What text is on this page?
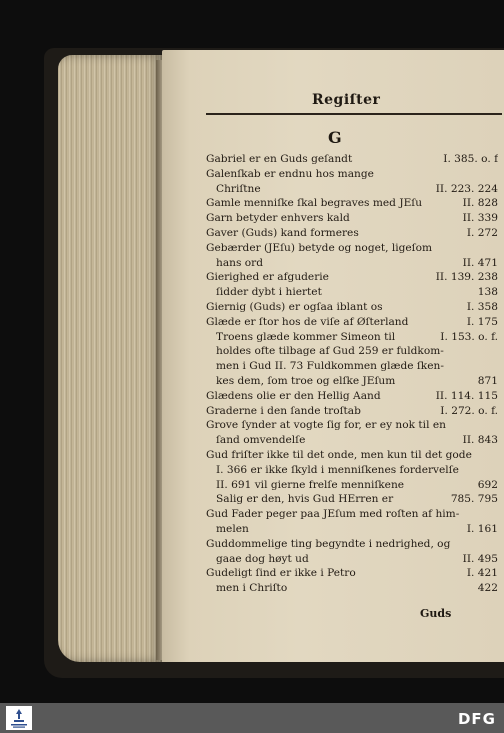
Regiſter
G
Gabriel er en Guds geſandt	I. 385. o. f
Galenſkab er endnu hos mange
Chriſtne	II. 223. 224
Gamle menniſke ſkal begraves med JEſu	II. 828
Garn betyder enhvers kald	II. 339
Gaver (Guds) kand formeres	I. 272
Gebærder (JEſu) betyde og noget, ligeſom
hans ord	II. 471
Gierighed er afguderie	II. 139. 238
ſidder dybt i hiertet	138
Giernig (Guds) er ogſaa iblant os	I. 358
Glæde er ſtor hos de viſe af Øſterland	I. 175
Troens glæde kommer Simeon til	I. 153. o. f.
holdes ofte tilbage af Gud 259 er fuldkom-
men i Gud II. 73 Fuldkommen glæde ſken-
kes dem, ſom troe og elſke JEſum	871
Glædens olie er den Hellig Aand	II. 114. 115
Graderne i den ſande troſtab	I. 272. o. f.
Grove ſynder at vogte ſig for, er ey nok til en
ſand omvendelſe	II. 843
Gud friſter ikke til det onde, men kun til det gode
I. 366 er ikke ſkyld i menniſkenes fordervelſe
II. 691 vil gierne frelſe menniſkene	692
Salig er den, hvis Gud HErren er	785. 795
Gud Fader peger paa JEſum med roſten af him-
melen	I. 161
Guddommelige ting begyndte i nedrighed, og
gaae dog høyt ud	II. 495
Gudeligt ſind er ikke i Petro	I. 421
men i Chriſto	422
Guds
DFG
